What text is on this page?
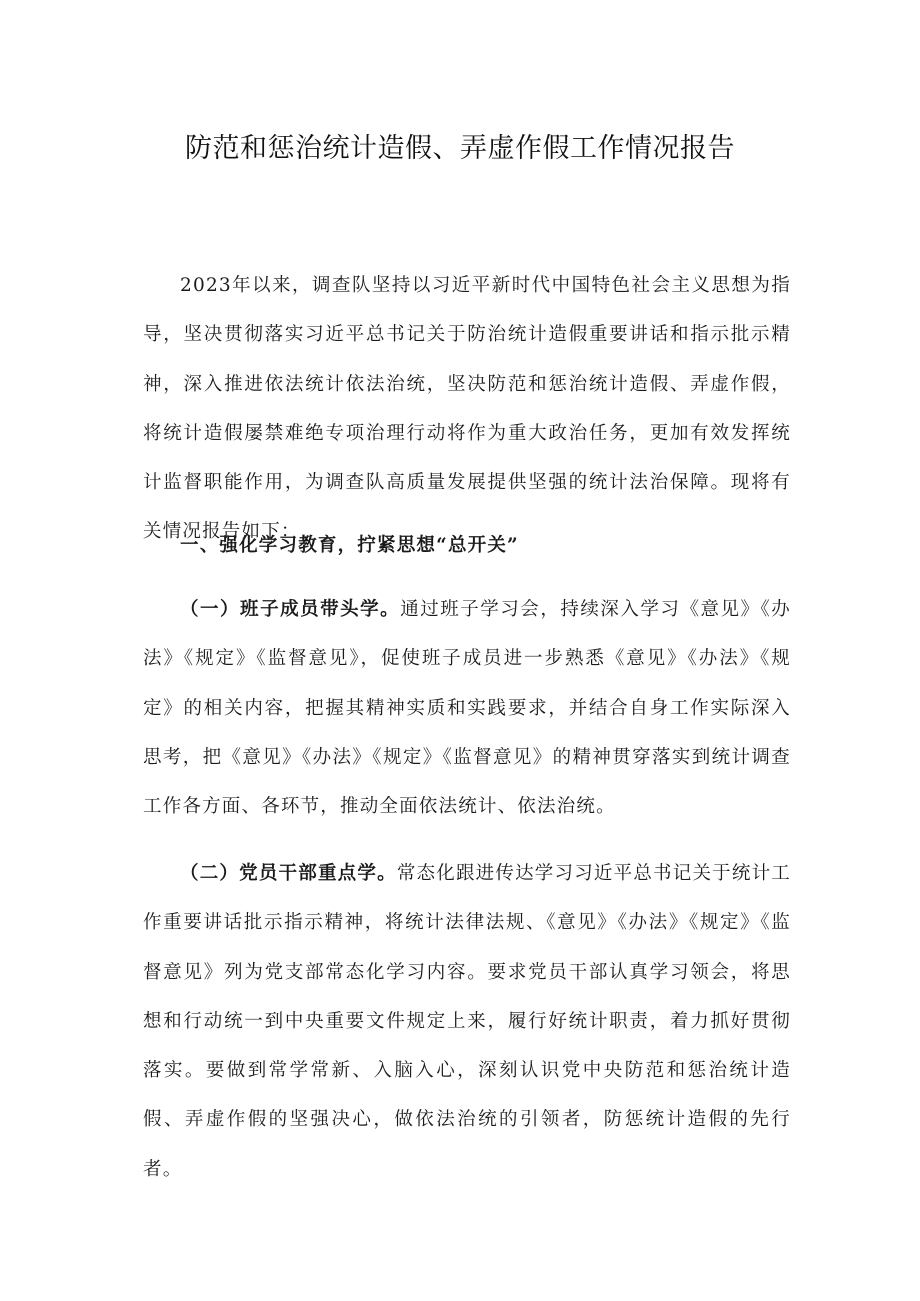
防范和惩治统计造假、弄虚作假工作情况报告

2023年以来，调查队坚持以习近平新时代中国特色社会主义思想为指导，坚决贯彻落实习近平总书记关于防治统计造假重要讲话和指示批示精神，深入推进依法统计依法治统，坚决防范和惩治统计造假、弄虚作假，将统计造假屡禁难绝专项治理行动将作为重大政治任务，更加有效发挥统计监督职能作用，为调查队高质量发展提供坚强的统计法治保障。现将有关情况报告如下：

一、强化学习教育，拧紧思想“总开关”

（一）班子成员带头学。通过班子学习会，持续深入学习《意见》《办法》《规定》《监督意见》，促使班子成员进一步熟悉《意见》《办法》《规定》的相关内容，把握其精神实质和实践要求，并结合自身工作实际深入思考，把《意见》《办法》《规定》《监督意见》的精神贯穿落实到统计调查工作各方面、各环节，推动全面依法统计、依法治统。

（二）党员干部重点学。常态化跟进传达学习习近平总书记关于统计工作重要讲话批示指示精神，将统计法律法规、《意见》《办法》《规定》《监督意见》列为党支部常态化学习内容。要求党员干部认真学习领会，将思想和行动统一到中央重要文件规定上来，履行好统计职责，着力抓好贯彻落实。要做到常学常新、入脑入心，深刻认识党中央防范和惩治统计造假、弄虚作假的坚强决心，做依法治统的引领者，防惩统计造假的先行者。
